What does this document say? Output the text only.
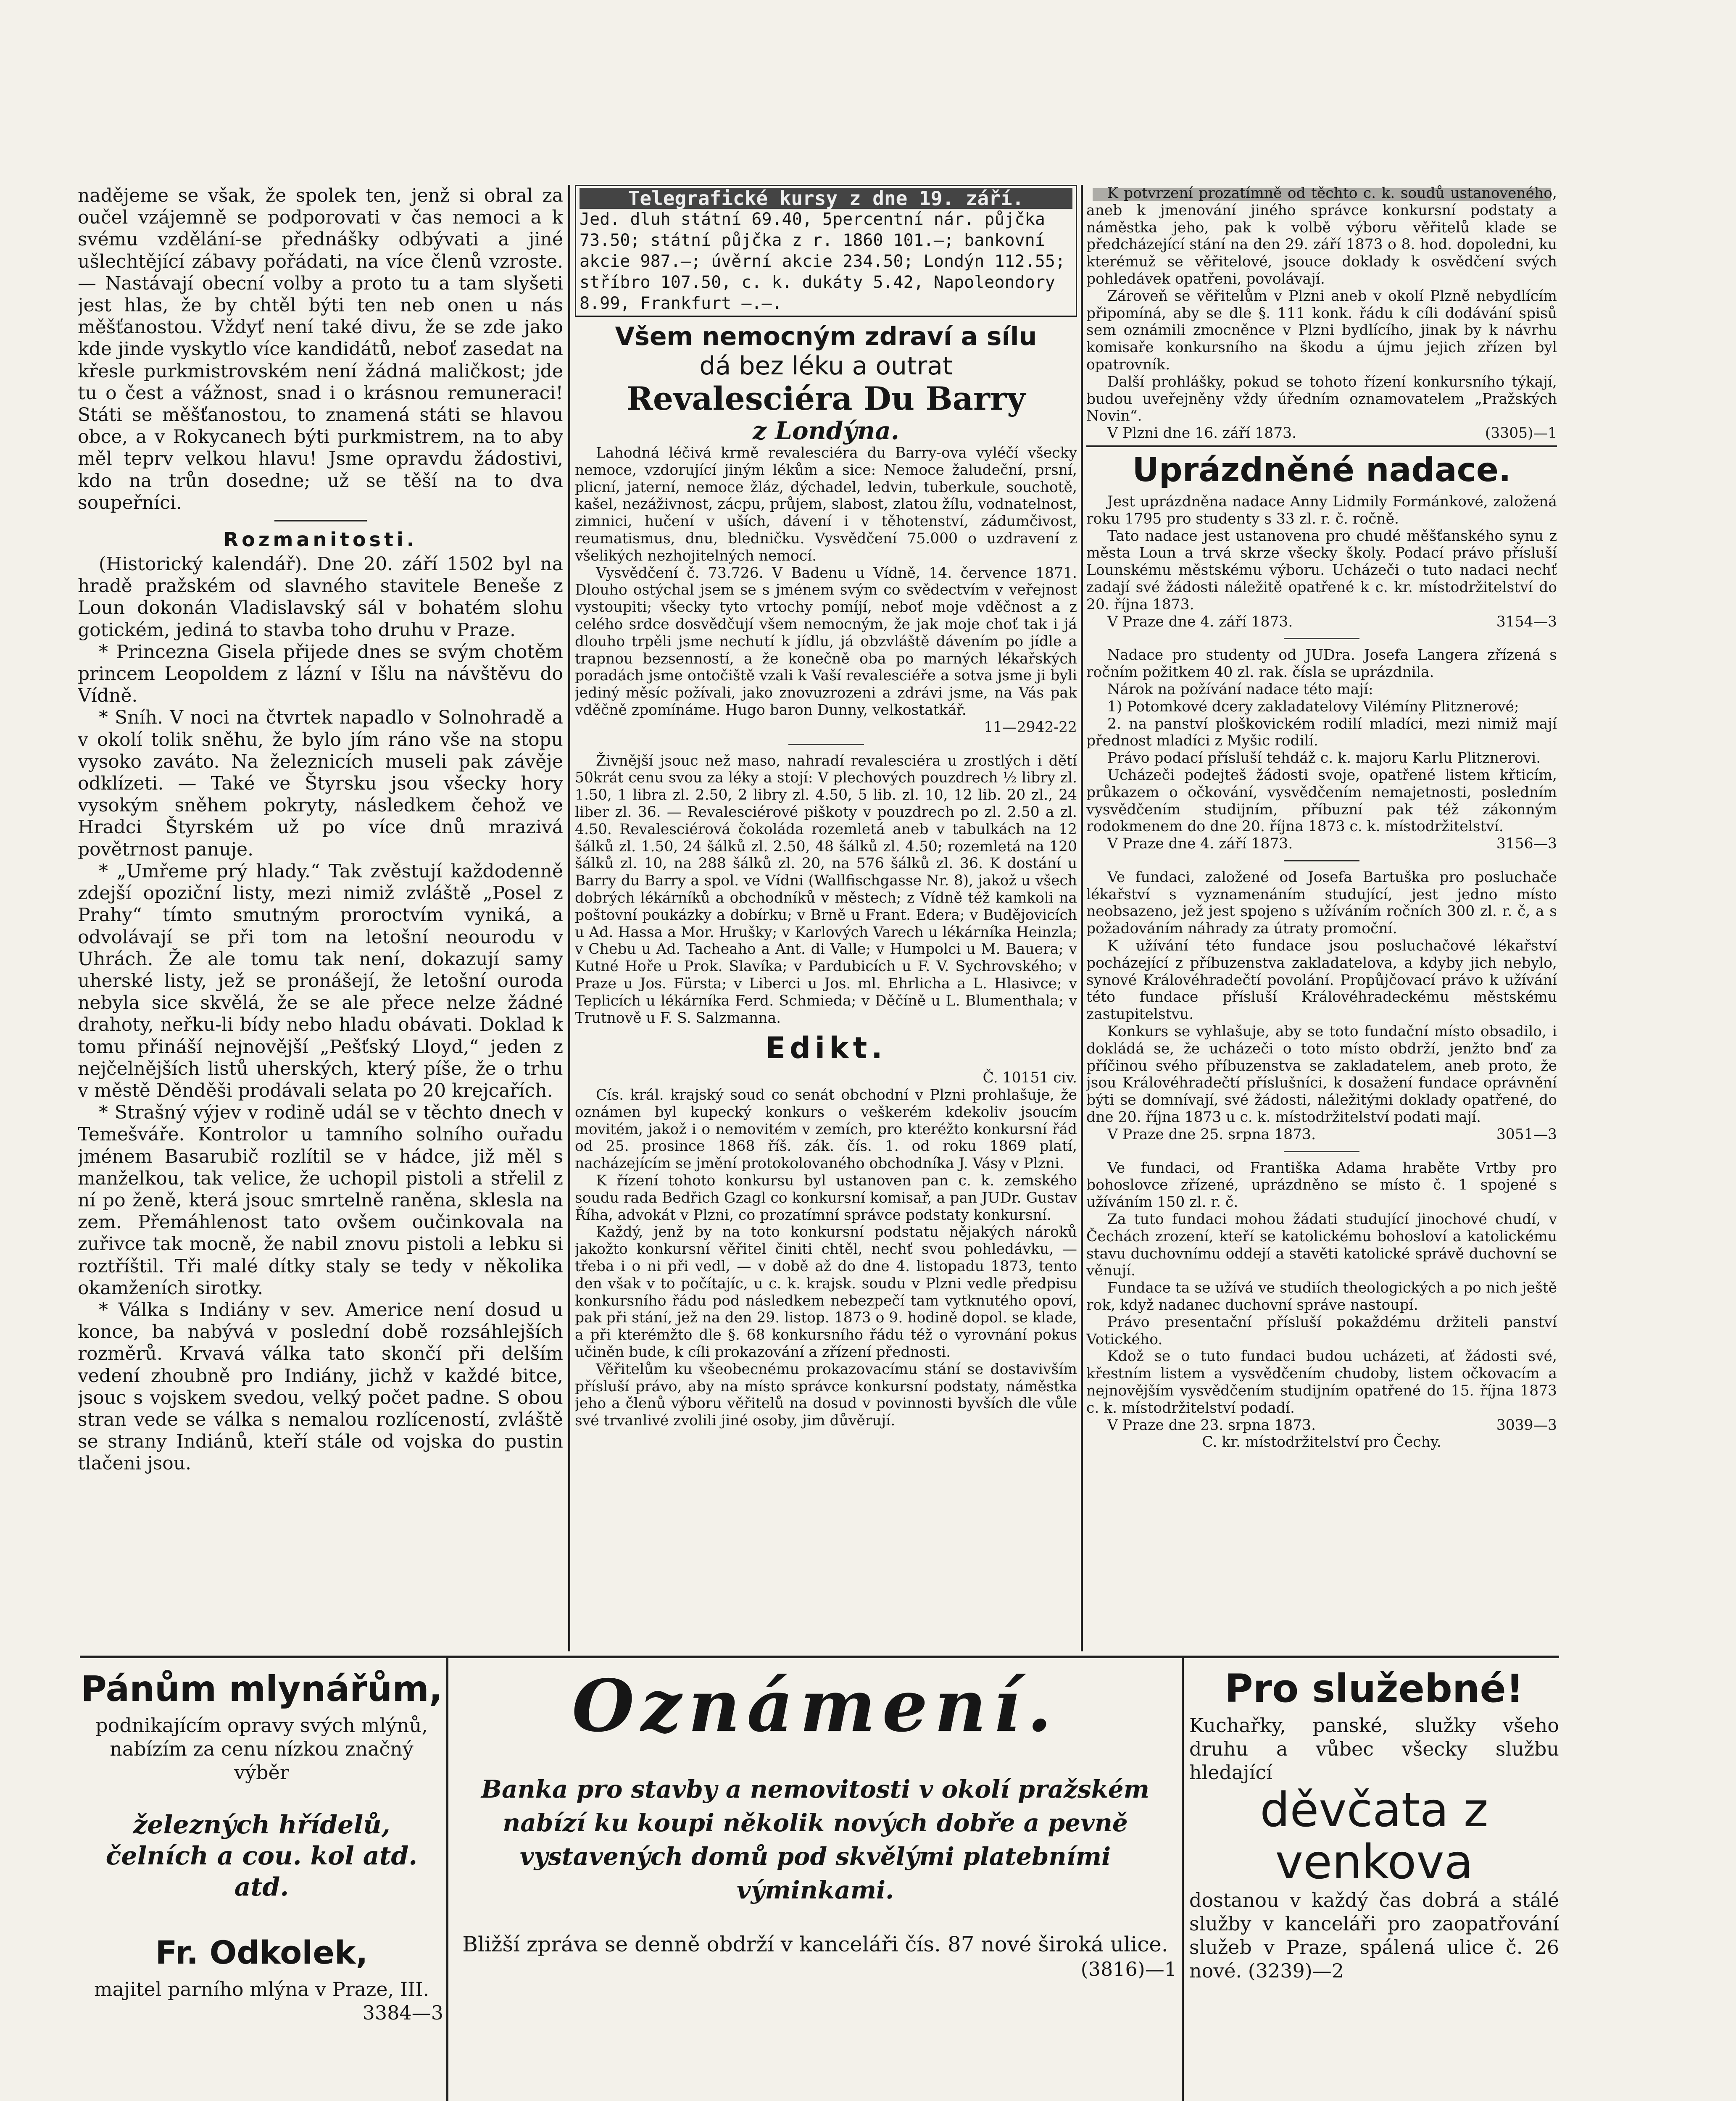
nadějeme se však, že spolek ten, jenž si obral za oučel vzájemně se podporovati v čas nemoci a k svému vzdělání-se přednášky odbývati a jiné ušlechtějící zábavy pořádati, na více členů vzroste. — Nastávají obecní volby a proto tu a tam slyšeti jest hlas, že by chtěl býti ten neb onen u nás měšťanostou. Vždyť není také divu, že se zde jako kde jinde vyskytlo více kandidátů, neboť zasedat na křesle purkmistrovském není žádná maličkost; jde tu o čest a vážnost, snad i o krásnou remuneraci! Státi se měšťanostou, to znamená státi se hlavou obce, a v Rokycanech býti purkmistrem, na to aby měl teprv velkou hlavu! Jsme opravdu žádostivi, kdo na trůn dosedne; už se těší na to dva soupeřníci.

Rozmanitosti.

(Historický kalendář). Dne 20. září 1502 byl na hradě pražském od slavného stavitele Beneše z Loun dokonán Vladislavský sál v bohatém slohu gotickém, jediná to stavba toho druhu v Praze.

* Princezna Gisela přijede dnes se svým chotěm princem Leopoldem z lázní v Išlu na návštěvu do Vídně.

* Sníh. V noci na čtvrtek napadlo v Solnohradě a v okolí tolik sněhu, že bylo jím ráno vše na stopu vysoko zaváto. Na železnicích museli pak závěje odklízeti. — Také ve Štyrsku jsou všecky hory vysokým sněhem pokryty, následkem čehož ve Hradci Štyrském už po více dnů mrazivá povětrnost panuje.

* „Umřeme prý hlady.“ Tak zvěstují každodenně zdejší opoziční listy, mezi nimiž zvláště „Posel z Prahy“ tímto smutným proroctvím vyniká, a odvolávají se při tom na letošní neourodu v Uhrách. Že ale tomu tak není, dokazují samy uherské listy, jež se pronášejí, že letošní ouroda nebyla sice skvělá, že se ale přece nelze žádné drahoty, neřku-li bídy nebo hladu obávati. Doklad k tomu přináší nejnovější „Pešťský Lloyd,“ jeden z nejčelnějších listů uherských, který píše, že o trhu v městě Děnděši prodávali selata po 20 krejcařích.

* Strašný výjev v rodině udál se v těchto dnech v Temešváře. Kontrolor u tamního solního ouřadu jménem Basarubič rozlítil se v hádce, již měl s manželkou, tak velice, že uchopil pistoli a střelil z ní po ženě, která jsouc smrtelně raněna, sklesla na zem. Přemáhlenost tato ovšem oučinkovala na zuřivce tak mocně, že nabil znovu pistoli a lebku si roztříštil. Tři malé dítky staly se tedy v několika okamženích sirotky.

* Válka s Indiány v sev. Americe není dosud u konce, ba nabývá v poslední době rozsáhlejších rozměrů. Krvavá válka tato skončí při delším vedení zhoubně pro Indiány, jichž v každé bitce, jsouc s vojskem svedou, velký počet padne. S obou stran vede se válka s nemalou rozlíceností, zvláště se strany Indiánů, kteří stále od vojska do pustin tlačeni jsou.

Telegrafické kursy z dne 19. září.
Jed. dluh státní 69.40, 5percentní nár. půjčka 73.50; státní půjčka z r. 1860 101.—; bankovní akcie 987.—; úvěrní akcie 234.50; Londýn 112.55; stříbro 107.50, c. k. dukáty 5.42, Napoleondory 8.99, Frankfurt —.—.
Všem nemocným zdraví a sílu
dá bez léku a outrat
Revalesciéra Du Barry
z Londýna.

Lahodná léčivá krmě revalesciéra du Barry-ova vyléčí všecky nemoce, vzdorující jiným lékům a sice: Nemoce žaludeční, prsní, plicní, jaterní, nemoce žláz, dýchadel, ledvin, tuberkule, souchotě, kašel, nezáživnost, zácpu, průjem, slabost, zlatou žílu, vodnatelnost, zimnici, hučení v uších, dávení i v těhotenství, zádumčivost, reumatismus, dnu, bledničku. Vysvědčení 75.000 o uzdravení z všelikých nezhojitelných nemocí.

Vysvědčení č. 73.726. V Badenu u Vídně, 14. července 1871. Dlouho ostýchal jsem se s jménem svým co svědectvím v veřejnost vystoupiti; všecky tyto vrtochy pomíjí, neboť moje vděčnost a z celého srdce dosvědčují všem nemocným, že jak moje choť tak i já dlouho trpěli jsme nechutí k jídlu, já obzvláště dávením po jídle a trapnou bezsenností, a že konečně oba po marných lékařských poradách jsme ontočiště vzali k Vaší revalesciéře a sotva jsme ji byli jediný měsíc požívali, jako znovuzrozeni a zdrávi jsme, na Vás pak vděčně zpomínáme. Hugo baron Dunny, velkostatkář.

11—2942-22

Živnější jsouc než maso, nahradí revalesciéra u zrostlých i dětí 50krát cenu svou za léky a stojí: V plechových pouzdrech ½ libry zl. 1.50, 1 libra zl. 2.50, 2 libry zl. 4.50, 5 lib. zl. 10, 12 lib. 20 zl., 24 liber zl. 36. — Revalesciérové piškoty v pouzdrech po zl. 2.50 a zl. 4.50. Revalesciérová čokoláda rozemletá aneb v tabulkách na 12 šálků zl. 1.50, 24 šálků zl. 2.50, 48 šálků zl. 4.50; rozemletá na 120 šálků zl. 10, na 288 šálků zl. 20, na 576 šálků zl. 36. K dostání u Barry du Barry a spol. ve Vídni (Wallfischgasse Nr. 8), jakož u všech dobrých lékárníků a obchodníků v městech; z Vídně též kamkoli na poštovní poukázky a dobírku; v Brně u Frant. Edera; v Budějovicích u Ad. Hassa a Mor. Hrušky; v Karlových Varech u lékárníka Heinzla; v Chebu u Ad. Tacheaho a Ant. di Valle; v Humpolci u M. Bauera; v Kutné Hoře u Prok. Slavíka; v Pardubicích u F. V. Sychrovského; v Praze u Jos. Fürsta; v Liberci u Jos. ml. Ehrlicha a L. Hlasivce; v Teplicích u lékárníka Ferd. Schmieda; v Děčíně u L. Blumenthala; v Trutnově u F. S. Salzmanna.

Edikt.

Č. 10151 civ.

Cís. král. krajský soud co senát obchodní v Plzni prohlašuje, že oznámen byl kupecký konkurs o veškerém kdekoliv jsoucím movitém, jakož i o nemovitém v zemích, pro kteréžto konkursní řád od 25. prosince 1868 říš. zák. čís. 1. od roku 1869 platí, nacházejícím se jmění protokolovaného obchodníka J. Vásy v Plzni.

K řízení tohoto konkursu byl ustanoven pan c. k. zemského soudu rada Bedřich Gzagl co konkursní komisař, a pan JUDr. Gustav Říha, advokát v Plzni, co prozatímní správce podstaty konkursní.

Každý, jenž by na toto konkursní podstatu nějakých nároků jakožto konkursní věřitel činiti chtěl, nechť svou pohledávku, — třeba i o ni při vedl, — v době až do dne 4. listopadu 1873, tento den však v to počítajíc, u c. k. krajsk. soudu v Plzni vedle předpisu konkursního řádu pod následkem nebezpečí tam vytknutého opoví, pak při stání, jež na den 29. listop. 1873 o 9. hodině dopol. se klade, a při kterémžto dle §. 68 konkursního řádu též o vyrovnání pokus učiněn bude, k cíli prokazování a zřízení přednosti.

Věřitelům ku všeobecnému prokazovacímu stání se dostavivším přísluší právo, aby na místo správce konkursní podstaty, náměstka jeho a členů výboru věřitelů na dosud v povinnosti byvších dle vůle své trvanlivé zvolili jiné osoby, jim důvěrují.

K potvrzení prozatímně od těchto c. k. soudů ustanoveného, aneb k jmenování jiného správce konkursní podstaty a náměstka jeho, pak k volbě výboru věřitelů klade se předcházející stání na den 29. září 1873 o 8. hod. dopoledni, ku kterémuž se věřitelové, jsouce doklady k osvědčení svých pohledávek opatřeni, povolávají.

Zároveň se věřitelům v Plzni aneb v okolí Plzně nebydlícím připomíná, aby se dle §. 111 konk. řádu k cíli dodávání spisů sem oznámili zmocněnce v Plzni bydlícího, jinak by k návrhu komisaře konkursního na škodu a újmu jejich zřízen byl opatrovník.

Další prohlášky, pokud se tohoto řízení konkursního týkají, budou uveřejněny vždy úředním oznamovatelem „Pražských Novin“.

V Plzni dne 16. září 1873.	(3305)—1

Uprázdněné nadace.

Jest uprázdněna nadace Anny Lidmily Formánkové, založená roku 1795 pro studenty s 33 zl. r. č. ročně.

Tato nadace jest ustanovena pro chudé měšťanského synu z města Loun a trvá skrze všecky školy. Podací právo přísluší Lounskému městskému výboru. Ucházeči o tuto nadaci nechť zadají své žádosti náležitě opatřené k c. kr. místodržitelství do 20. října 1873.

V Praze dne 4. září 1873.	3154—3

Nadace pro studenty od JUDra. Josefa Langera zřízená s ročním požitkem 40 zl. rak. čísla se uprázdnila.

Nárok na požívání nadace této mají:

1) Potomkové dcery zakladatelovy Vilémíny Plitznerové;

2. na panství ploškovickém rodilí mladíci, mezi nimiž mají přednost mladíci z Myšic rodilí.

Právo podací přísluší tehdáž c. k. majoru Karlu Plitznerovi.

Ucházeči podejteš žádosti svoje, opatřené listem křticím, průkazem o očkování, vysvědčením nemajetnosti, posledním vysvědčením studijním, příbuzní pak též zákonným rodokmenem do dne 20. října 1873 c. k. místodržitelství.

V Praze dne 4. září 1873.	3156—3

Ve fundaci, založené od Josefa Bartuška pro posluchače lékařství s vyznamenáním studující, jest jedno místo neobsazeno, jež jest spojeno s užíváním ročních 300 zl. r. č, a s požadováním náhrady za útraty promoční.

K užívání této fundace jsou posluchačové lékařství pocházející z příbuzenstva zakladatelova, a kdyby jich nebylo, synové Královéhradečtí povolání. Propůjčovací právo k užívání této fundace přísluší Královéhradeckému městskému zastupitelstvu.

Konkurs se vyhlašuje, aby se toto fundační místo obsadilo, i dokládá se, že ucházeči o toto místo obdrží, jenžto bnď za příčinou svého příbuzenstva se zakladatelem, aneb proto, že jsou Královéhradečtí příslušníci, k dosažení fundace oprávnění býti se domnívají, své žádosti, náležitými doklady opatřené, do dne 20. října 1873 u c. k. místodržitelství podati mají.

V Praze dne 25. srpna 1873.	3051—3

Ve fundaci, od Františka Adama hraběte Vrtby pro bohoslovce zřízené, uprázdněno se místo č. 1 spojené s užíváním 150 zl. r. č.

Za tuto fundaci mohou žádati studující jinochové chudí, v Čechách zrození, kteří se katolickému bohosloví a katolickému stavu duchovnímu oddejí a stavěti katolické správě duchovní se věnují.

Fundace ta se užívá ve studiích theologických a po nich ještě rok, když nadanec duchovní správe nastoupí.

Právo presentační přísluší pokaždému držiteli panství Votického.

Kdož se o tuto fundaci budou ucházeti, ať žádosti své, křestním listem a vysvědčením chudoby, listem očkovacím a nejnovějším vysvědčením studijním opatřené do 15. října 1873 c. k. místodržitelství podadí.

V Praze dne 23. srpna 1873.	3039—3

C. kr. místodržitelství pro Čechy.

Pánům mlynářům,

podnikajícím opravy svých mlýnů, nabízím za cenu nízkou značný výběr

železných hřídelů, čelních a cou. kol atd. atd.

Fr. Odkolek,

majitel parního mlýna v Praze, III.

3384—3

Oznámení.

Banka pro stavby a nemovitosti v okolí pražském nabízí ku koupi několik nových dobře a pevně vystavených domů pod skvělými platebními výminkami.

Bližší zpráva se denně obdrží v kanceláři čís. 87 nové široká ulice.

(3816)—1

Pro služebné!

Kuchařky, panské, služky všeho druhu a vůbec všecky službu hledající

děvčata z venkova

dostanou v každý čas dobrá a stálé služby v kanceláři pro zaopatřování služeb v Praze, spálená ulice č. 26 nové. (3239)—2
